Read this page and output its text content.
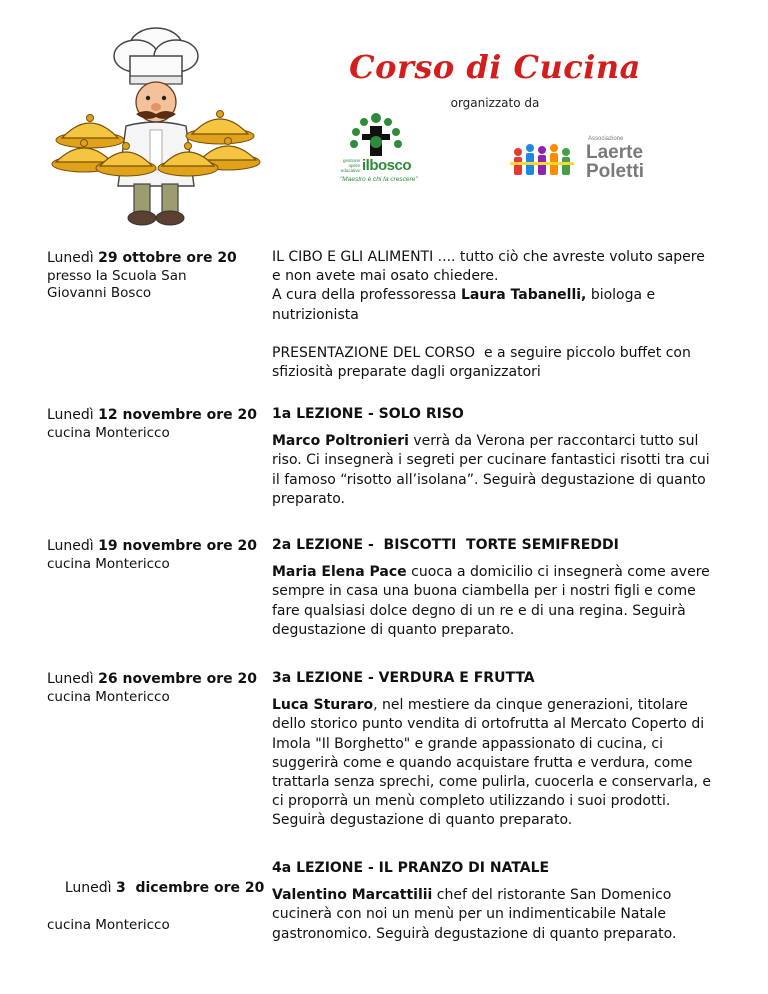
Corso di Cucina
organizzato da
gestione
opere
educative ilbosco
"Maestro è chi fa crescere"
Associazione
Laerte
Poletti
Lunedì 29 ottobre ore 20
presso la Scuola San Giovanni Bosco
IL CIBO E GLI ALIMENTI .... tutto ciò che avreste voluto sapere e non avete mai osato chiedere.
A cura della professoressa Laura Tabanelli, biologa e nutrizionista
PRESENTAZIONE DEL CORSO  e a seguire piccolo buffet con sfiziosità preparate dagli organizzatori
Lunedì 12 novembre ore 20
cucina Montericco
1a LEZIONE - SOLO RISO

Marco Poltronieri verrà da Verona per raccontarci tutto sul riso. Ci insegnerà i segreti per cucinare fantastici risotti tra cui il famoso “risotto all’isolana”. Seguirà degustazione di quanto preparato.

Lunedì 19 novembre ore 20
cucina Montericco
2a LEZIONE -  BISCOTTI  TORTE SEMIFREDDI

Maria Elena Pace cuoca a domicilio ci insegnerà come avere sempre in casa una buona ciambella per i nostri figli e come fare qualsiasi dolce degno di un re e di una regina. Seguirà degustazione di quanto preparato.

Lunedì 26 novembre ore 20
cucina Montericco
3a LEZIONE - VERDURA E FRUTTA

Luca Sturaro, nel mestiere da cinque generazioni, titolare dello storico punto vendita di ortofrutta al Mercato Coperto di Imola "Il Borghetto" e grande appassionato di cucina, ci suggerirà come e quando acquistare frutta e verdura, come trattarla senza sprechi, come pulirla, cuocerla e conservarla, e ci proporrà un menù completo utilizzando i suoi prodotti. Seguirà degustazione di quanto preparato.

Lunedì 3  dicembre ore 20

cucina Montericco
4a LEZIONE - IL PRANZO DI NATALE

Valentino Marcattilii chef del ristorante San Domenico cucinerà con noi un menù per un indimenticabile Natale gastronomico. Seguirà degustazione di quanto preparato.
